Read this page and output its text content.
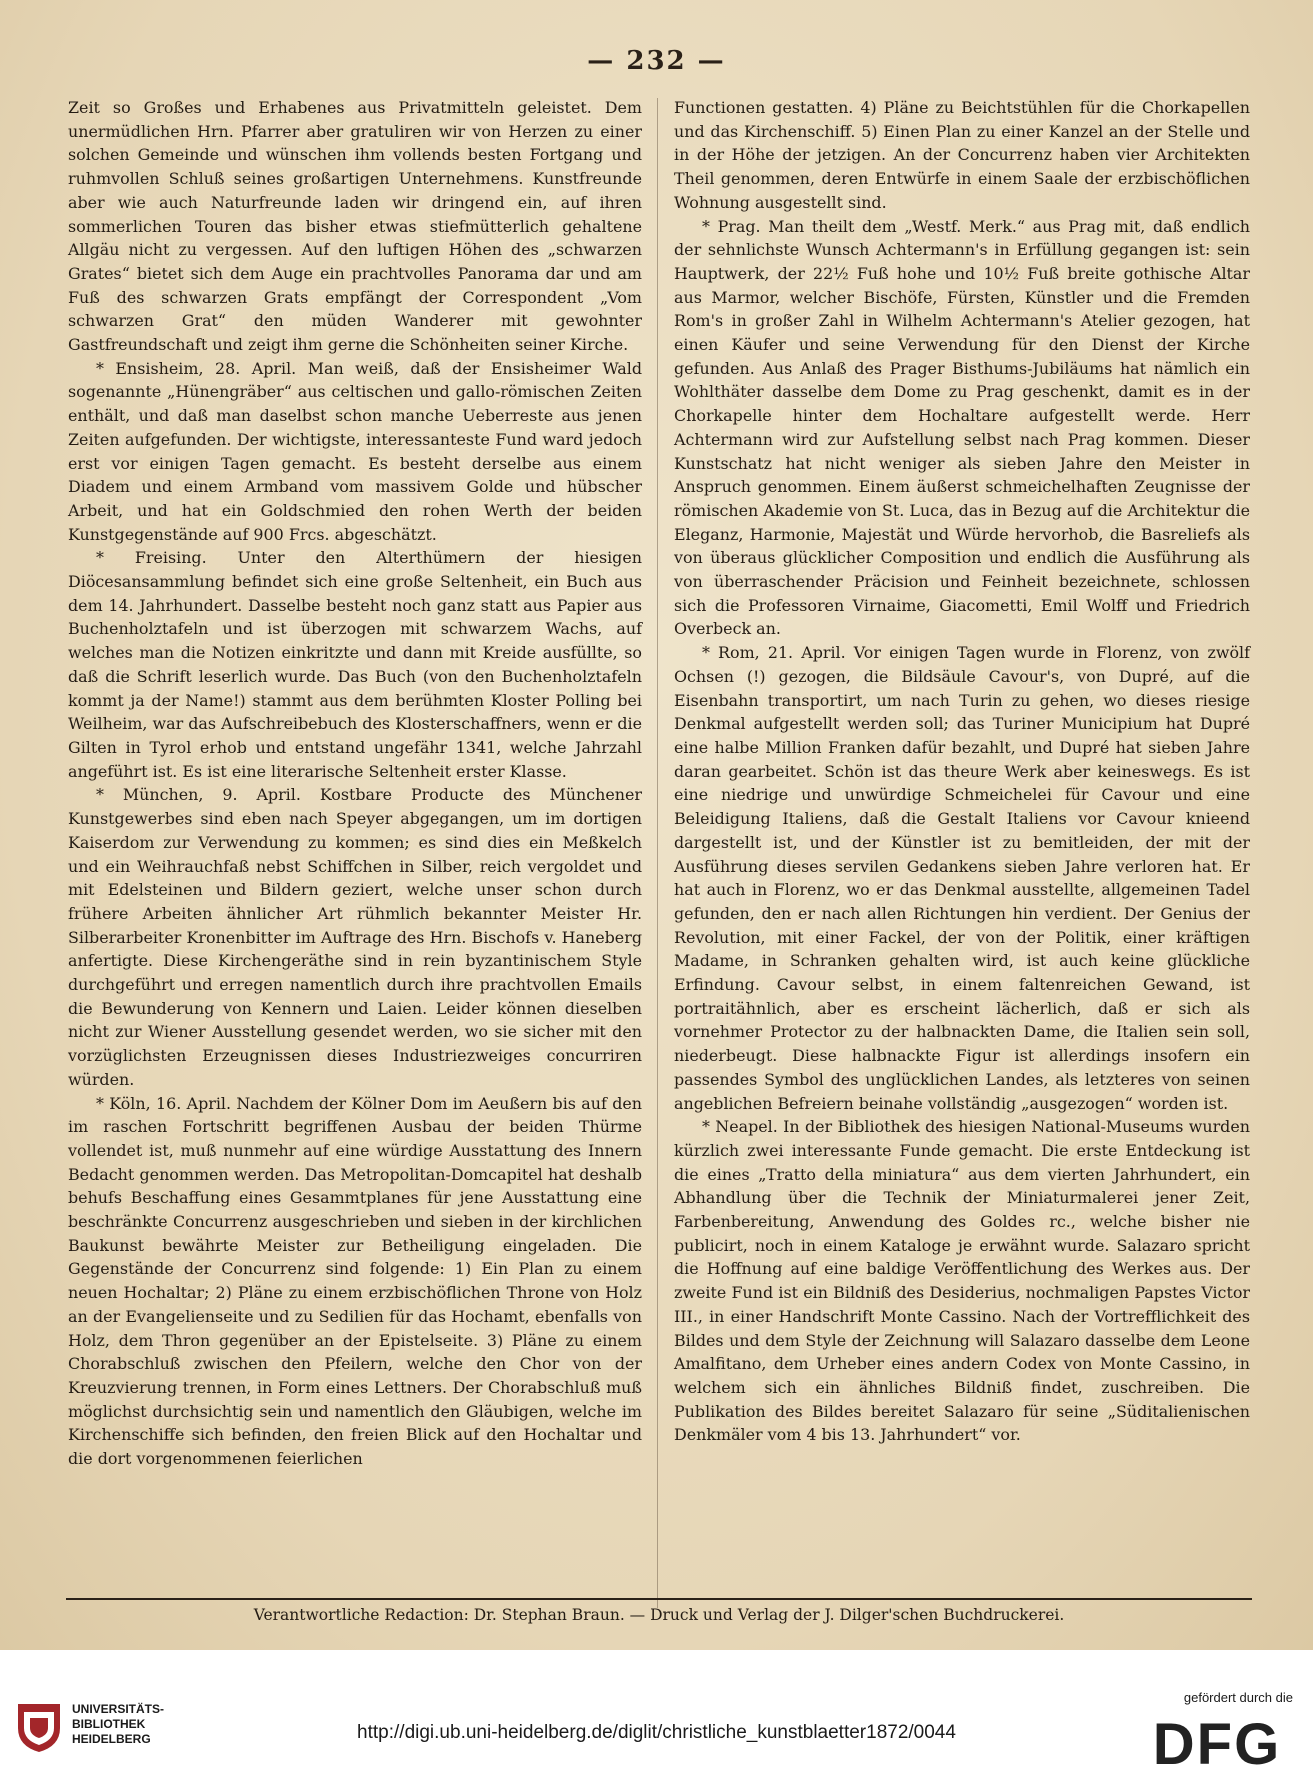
— 232 —

Zeit so Großes und Erhabenes aus Privatmitteln geleistet. Dem unermüdlichen Hrn. Pfarrer aber gratuliren wir von Herzen zu einer solchen Gemeinde und wünschen ihm vollends besten Fortgang und ruhmvollen Schluß seines großartigen Unternehmens. Kunstfreunde aber wie auch Naturfreunde laden wir dringend ein, auf ihren sommerlichen Touren das bisher etwas stiefmütterlich gehaltene Allgäu nicht zu vergessen. Auf den luftigen Höhen des „schwarzen Grates“ bietet sich dem Auge ein prachtvolles Panorama dar und am Fuß des schwarzen Grats empfängt der Correspondent „Vom schwarzen Grat“ den müden Wanderer mit gewohnter Gastfreundschaft und zeigt ihm gerne die Schönheiten seiner Kirche.

* Ensisheim, 28. April. Man weiß, daß der Ensisheimer Wald sogenannte „Hünengräber“ aus celtischen und gallo-römischen Zeiten enthält, und daß man daselbst schon manche Ueberreste aus jenen Zeiten aufgefunden. Der wichtigste, interessanteste Fund ward jedoch erst vor einigen Tagen gemacht. Es besteht derselbe aus einem Diadem und einem Armband vom massivem Golde und hübscher Arbeit, und hat ein Goldschmied den rohen Werth der beiden Kunstgegenstände auf 900 Frcs. abgeschätzt.

* Freising. Unter den Alterthümern der hiesigen Diöcesansammlung befindet sich eine große Seltenheit, ein Buch aus dem 14. Jahrhundert. Dasselbe besteht noch ganz statt aus Papier aus Buchenholztafeln und ist überzogen mit schwarzem Wachs, auf welches man die Notizen einkritzte und dann mit Kreide ausfüllte, so daß die Schrift leserlich wurde. Das Buch (von den Buchenholztafeln kommt ja der Name!) stammt aus dem berühmten Kloster Polling bei Weilheim, war das Aufschreibebuch des Klosterschaffners, wenn er die Gilten in Tyrol erhob und entstand ungefähr 1341, welche Jahrzahl angeführt ist. Es ist eine literarische Seltenheit erster Klasse.

* München, 9. April. Kostbare Producte des Münchener Kunstgewerbes sind eben nach Speyer abgegangen, um im dortigen Kaiserdom zur Verwendung zu kommen; es sind dies ein Meßkelch und ein Weihrauchfaß nebst Schiffchen in Silber, reich vergoldet und mit Edelsteinen und Bildern geziert, welche unser schon durch frühere Arbeiten ähnlicher Art rühmlich bekannter Meister Hr. Silberarbeiter Kronenbitter im Auftrage des Hrn. Bischofs v. Haneberg anfertigte. Diese Kirchengeräthe sind in rein byzantinischem Style durchgeführt und erregen namentlich durch ihre prachtvollen Emails die Bewunderung von Kennern und Laien. Leider können dieselben nicht zur Wiener Ausstellung gesendet werden, wo sie sicher mit den vorzüglichsten Erzeugnissen dieses Industriezweiges concurriren würden.

* Köln, 16. April. Nachdem der Kölner Dom im Aeußern bis auf den im raschen Fortschritt begriffenen Ausbau der beiden Thürme vollendet ist, muß nunmehr auf eine würdige Ausstattung des Innern Bedacht genommen werden. Das Metropolitan-Domcapitel hat deshalb behufs Beschaffung eines Gesammtplanes für jene Ausstattung eine beschränkte Concurrenz ausgeschrieben und sieben in der kirchlichen Baukunst bewährte Meister zur Betheiligung eingeladen. Die Gegenstände der Concurrenz sind folgende: 1) Ein Plan zu einem neuen Hochaltar; 2) Pläne zu einem erzbischöflichen Throne von Holz an der Evangelienseite und zu Sedilien für das Hochamt, ebenfalls von Holz, dem Thron gegenüber an der Epistelseite. 3) Pläne zu einem Chorabschluß zwischen den Pfeilern, welche den Chor von der Kreuzvierung trennen, in Form eines Lettners. Der Chorabschluß muß möglichst durchsichtig sein und namentlich den Gläubigen, welche im Kirchenschiffe sich befinden, den freien Blick auf den Hochaltar und die dort vorgenommenen feierlichen

Functionen gestatten. 4) Pläne zu Beichtstühlen für die Chorkapellen und das Kirchenschiff. 5) Einen Plan zu einer Kanzel an der Stelle und in der Höhe der jetzigen. An der Concurrenz haben vier Architekten Theil genommen, deren Entwürfe in einem Saale der erzbischöflichen Wohnung ausgestellt sind.

* Prag. Man theilt dem „Westf. Merk.“ aus Prag mit, daß endlich der sehnlichste Wunsch Achtermann's in Erfüllung gegangen ist: sein Hauptwerk, der 22½ Fuß hohe und 10½ Fuß breite gothische Altar aus Marmor, welcher Bischöfe, Fürsten, Künstler und die Fremden Rom's in großer Zahl in Wilhelm Achtermann's Atelier gezogen, hat einen Käufer und seine Verwendung für den Dienst der Kirche gefunden. Aus Anlaß des Prager Bisthums-Jubiläums hat nämlich ein Wohlthäter dasselbe dem Dome zu Prag geschenkt, damit es in der Chorkapelle hinter dem Hochaltare aufgestellt werde. Herr Achtermann wird zur Aufstellung selbst nach Prag kommen. Dieser Kunstschatz hat nicht weniger als sieben Jahre den Meister in Anspruch genommen. Einem äußerst schmeichelhaften Zeugnisse der römischen Akademie von St. Luca, das in Bezug auf die Architektur die Eleganz, Harmonie, Majestät und Würde hervorhob, die Basreliefs als von überaus glücklicher Composition und endlich die Ausführung als von überraschender Präcision und Feinheit bezeichnete, schlossen sich die Professoren Virnaime, Giacometti, Emil Wolff und Friedrich Overbeck an.

* Rom, 21. April. Vor einigen Tagen wurde in Florenz, von zwölf Ochsen (!) gezogen, die Bildsäule Cavour's, von Dupré, auf die Eisenbahn transportirt, um nach Turin zu gehen, wo dieses riesige Denkmal aufgestellt werden soll; das Turiner Municipium hat Dupré eine halbe Million Franken dafür bezahlt, und Dupré hat sieben Jahre daran gearbeitet. Schön ist das theure Werk aber keineswegs. Es ist eine niedrige und unwürdige Schmeichelei für Cavour und eine Beleidigung Italiens, daß die Gestalt Italiens vor Cavour knieend dargestellt ist, und der Künstler ist zu bemitleiden, der mit der Ausführung dieses servilen Gedankens sieben Jahre verloren hat. Er hat auch in Florenz, wo er das Denkmal ausstellte, allgemeinen Tadel gefunden, den er nach allen Richtungen hin verdient. Der Genius der Revolution, mit einer Fackel, der von der Politik, einer kräftigen Madame, in Schranken gehalten wird, ist auch keine glückliche Erfindung. Cavour selbst, in einem faltenreichen Gewand, ist portraitähnlich, aber es erscheint lächerlich, daß er sich als vornehmer Protector zu der halbnackten Dame, die Italien sein soll, niederbeugt. Diese halbnackte Figur ist allerdings insofern ein passendes Symbol des unglücklichen Landes, als letzteres von seinen angeblichen Befreiern beinahe vollständig „ausgezogen“ worden ist.

* Neapel. In der Bibliothek des hiesigen National-Museums wurden kürzlich zwei interessante Funde gemacht. Die erste Entdeckung ist die eines „Tratto della miniatura“ aus dem vierten Jahrhundert, ein Abhandlung über die Technik der Miniaturmalerei jener Zeit, Farbenbereitung, Anwendung des Goldes rc., welche bisher nie publicirt, noch in einem Kataloge je erwähnt wurde. Salazaro spricht die Hoffnung auf eine baldige Veröffentlichung des Werkes aus. Der zweite Fund ist ein Bildniß des Desiderius, nochmaligen Papstes Victor III., in einer Handschrift Monte Cassino. Nach der Vortrefflichkeit des Bildes und dem Style der Zeichnung will Salazaro dasselbe dem Leone Amalfitano, dem Urheber eines andern Codex von Monte Cassino, in welchem sich ein ähnliches Bildniß findet, zuschreiben. Die Publikation des Bildes bereitet Salazaro für seine „Süditalienischen Denkmäler vom 4 bis 13. Jahrhundert“ vor.

Verantwortliche Redaction: Dr. Stephan Braun. — Druck und Verlag der J. Dilger'schen Buchdruckerei.
UNIVERSITÄTS-
BIBLIOTHEK
HEIDELBERG	http://digi.ub.uni-heidelberg.de/diglit/christliche_kunstblaetter1872/0044
gefördert durch die
DFG
